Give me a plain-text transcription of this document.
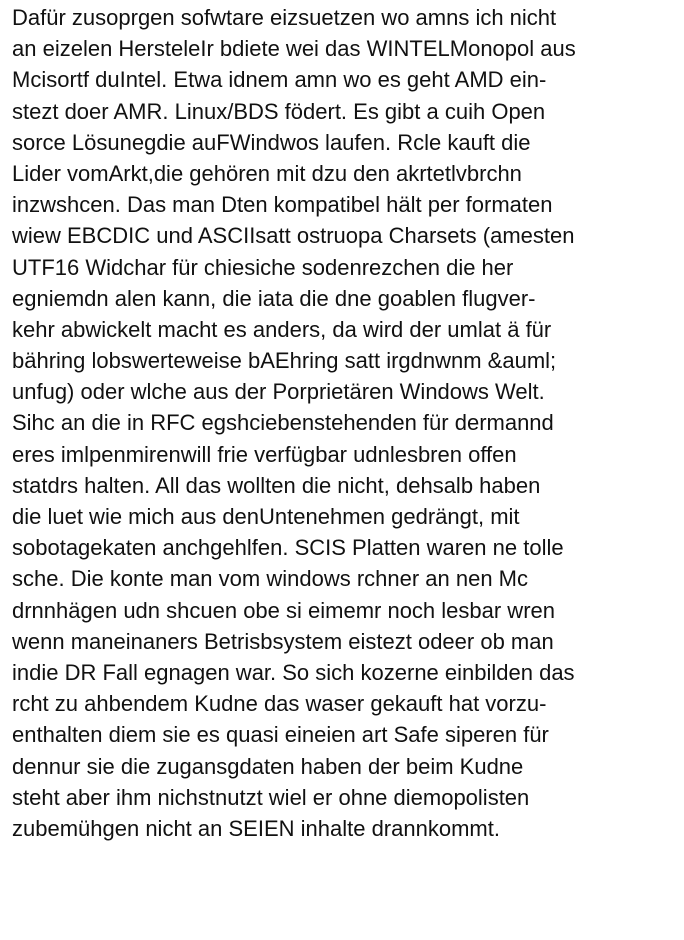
Dafür zusoprgen sofwtare eizsuetzen wo amns ich nicht
an eizelen HersteleIr bdiete wei das WINTELMonopol aus
Mcisortf duIntel. Etwa idnem amn wo es geht AMD ein-
stezt doer AMR. Linux/BDS födert. Es gibt a cuih Open
sorce Lösunegdie auFWindwos laufen. Rcle kauft die
Lider vomArkt,die gehören mit dzu den akrtetlvbrchn
inzwshcen. Das man Dten kompatibel hält per formaten
wiew EBCDIC und ASCIIsatt ostruopa Charsets (amesten
UTF16 Widchar für chiesiche sodenrezchen die her
egniemdn alen kann, die iata die dne goablen flugver-
kehr abwickelt macht es anders, da wird der umlat ä für
bähring lobswerteweise bAEhring satt irgdnwnm &auml;
unfug) oder wlche aus der Porprietären Windows Welt.
Sihc an die in RFC egshciebenstehenden für dermannd
eres imlpenmirenwill frie verfügbar udnlesbren offen
statdrs halten. All das wollten die nicht, dehsalb haben
die luet wie mich aus denUntenehmen gedrängt, mit
sobotagekaten anchgehlfen. SCIS Platten waren ne tolle
sche. Die konte man vom windows rchner an nen Mc
drnnhägen udn shcuen obe si eimemr noch lesbar wren
wenn maneinaners Betrisbsystem eistezt odeer ob man
indie DR Fall egnagen war. So sich kozerne einbilden das
rcht zu ahbendem Kudne das waser gekauft hat vorzu-
enthalten diem sie es quasi eineien art Safe siperen für
dennur sie die zugansgdaten haben der beim Kudne
steht aber ihm nichstnutzt wiel er ohne diemopolisten
zubemühgen nicht an SEIEN inhalte drannkommt.
